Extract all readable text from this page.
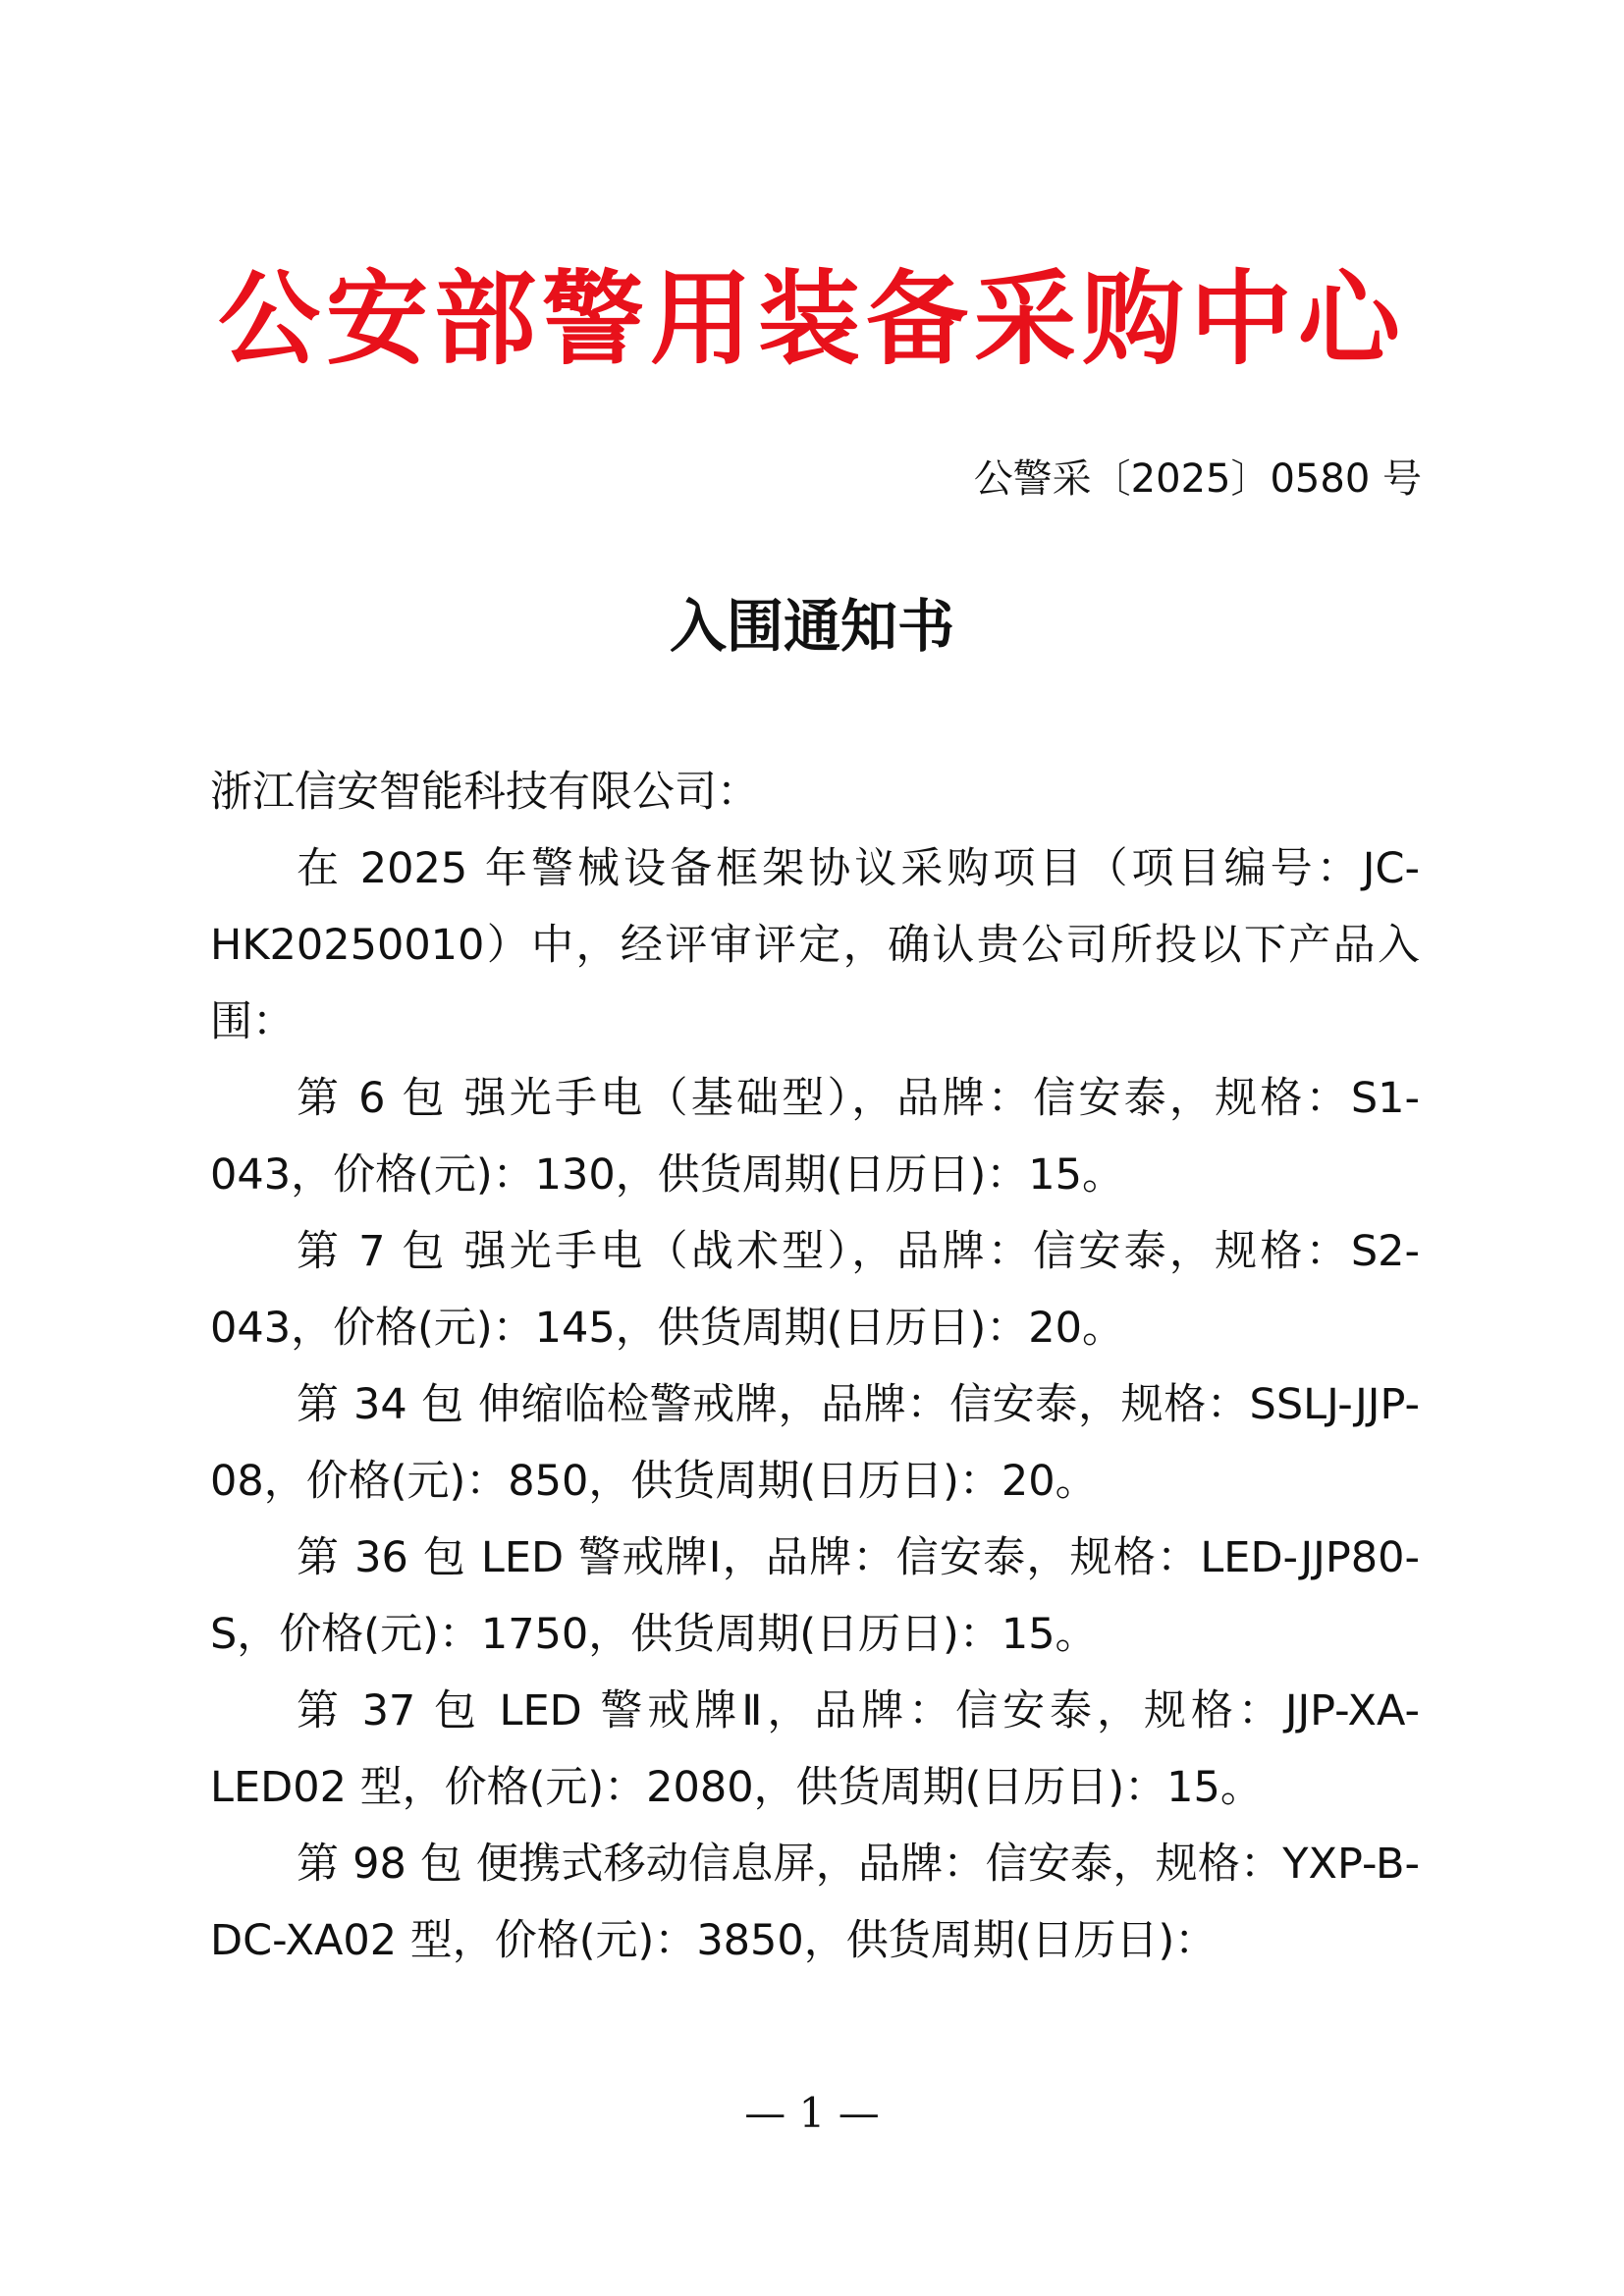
公安部警用装备采购中心
公警采〔2025〕0580 号
入围通知书

浙江信安智能科技有限公司：

在 2025 年警械设备框架协议采购项目（项目编号：JC-HK20250010）中，经评审评定，确认贵公司所投以下产品入围：

第 6 包 强光手电（基础型），品牌：信安泰，规格：S1-043，价格(元)：130，供货周期(日历日)：15。

第 7 包 强光手电（战术型），品牌：信安泰，规格：S2-043，价格(元)：145，供货周期(日历日)：20。

第 34 包 伸缩临检警戒牌，品牌：信安泰，规格：SSLJ-JJP-08，价格(元)：850，供货周期(日历日)：20。

第 36 包 LED 警戒牌Ⅰ，品牌：信安泰，规格：LED-JJP80-S，价格(元)：1750，供货周期(日历日)：15。

第 37 包 LED 警戒牌Ⅱ，品牌：信安泰，规格：JJP-XA-LED02 型，价格(元)：2080，供货周期(日历日)：15。

第 98 包 便携式移动信息屏，品牌：信安泰，规格：YXP-B-DC-XA02 型，价格(元)：3850，供货周期(日历日)：

— 1 —
